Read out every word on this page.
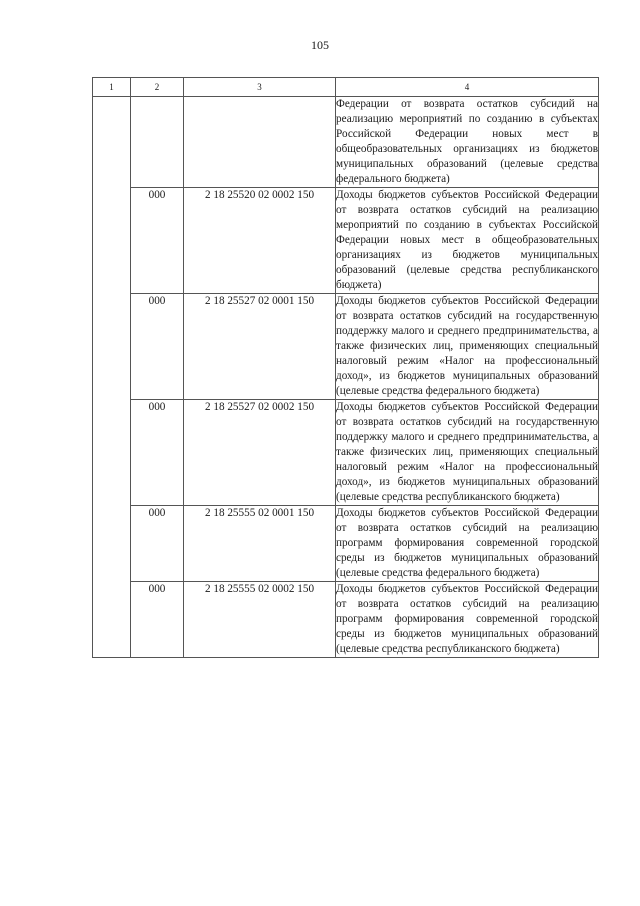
105
1	2	3	4

			Федерации от возврата остатков субсидий на реализацию мероприятий по созданию в субъектах Российской Федерации новых мест в общеобразовательных организациях из бюджетов муниципальных образований (целевые средства федерального бюджета)

	000	2 18 25520 02 0002 150	Доходы бюджетов субъектов Российской Федерации от возврата остатков субсидий на реализацию мероприятий по созданию в субъектах Российской Федерации новых мест в общеобразовательных организациях из бюджетов муниципальных образований (целевые средства республиканского бюджета)

	000	2 18 25527 02 0001 150	Доходы бюджетов субъектов Российской Федерации от возврата остатков субсидий на государственную поддержку малого и среднего предпринимательства, а также физических лиц, применяющих специальный налоговый режим «Налог на профессиональный доход», из бюджетов муниципальных образований (целевые средства федерального бюджета)

	000	2 18 25527 02 0002 150	Доходы бюджетов субъектов Российской Федерации от возврата остатков субсидий на государственную поддержку малого и среднего предпринимательства, а также физических лиц, применяющих специальный налоговый режим «Налог на профессиональный доход», из бюджетов муниципальных образований (целевые средства республиканского бюджета)

	000	2 18 25555 02 0001 150	Доходы бюджетов субъектов Российской Федерации от возврата остатков субсидий на реализацию программ формирования современной городской среды из бюджетов муниципальных образований (целевые средства федерального бюджета)

	000	2 18 25555 02 0002 150	Доходы бюджетов субъектов Российской Федерации от возврата остатков субсидий на реализацию программ формирования современной городской среды из бюджетов муниципальных образований (целевые средства республиканского бюджета)
